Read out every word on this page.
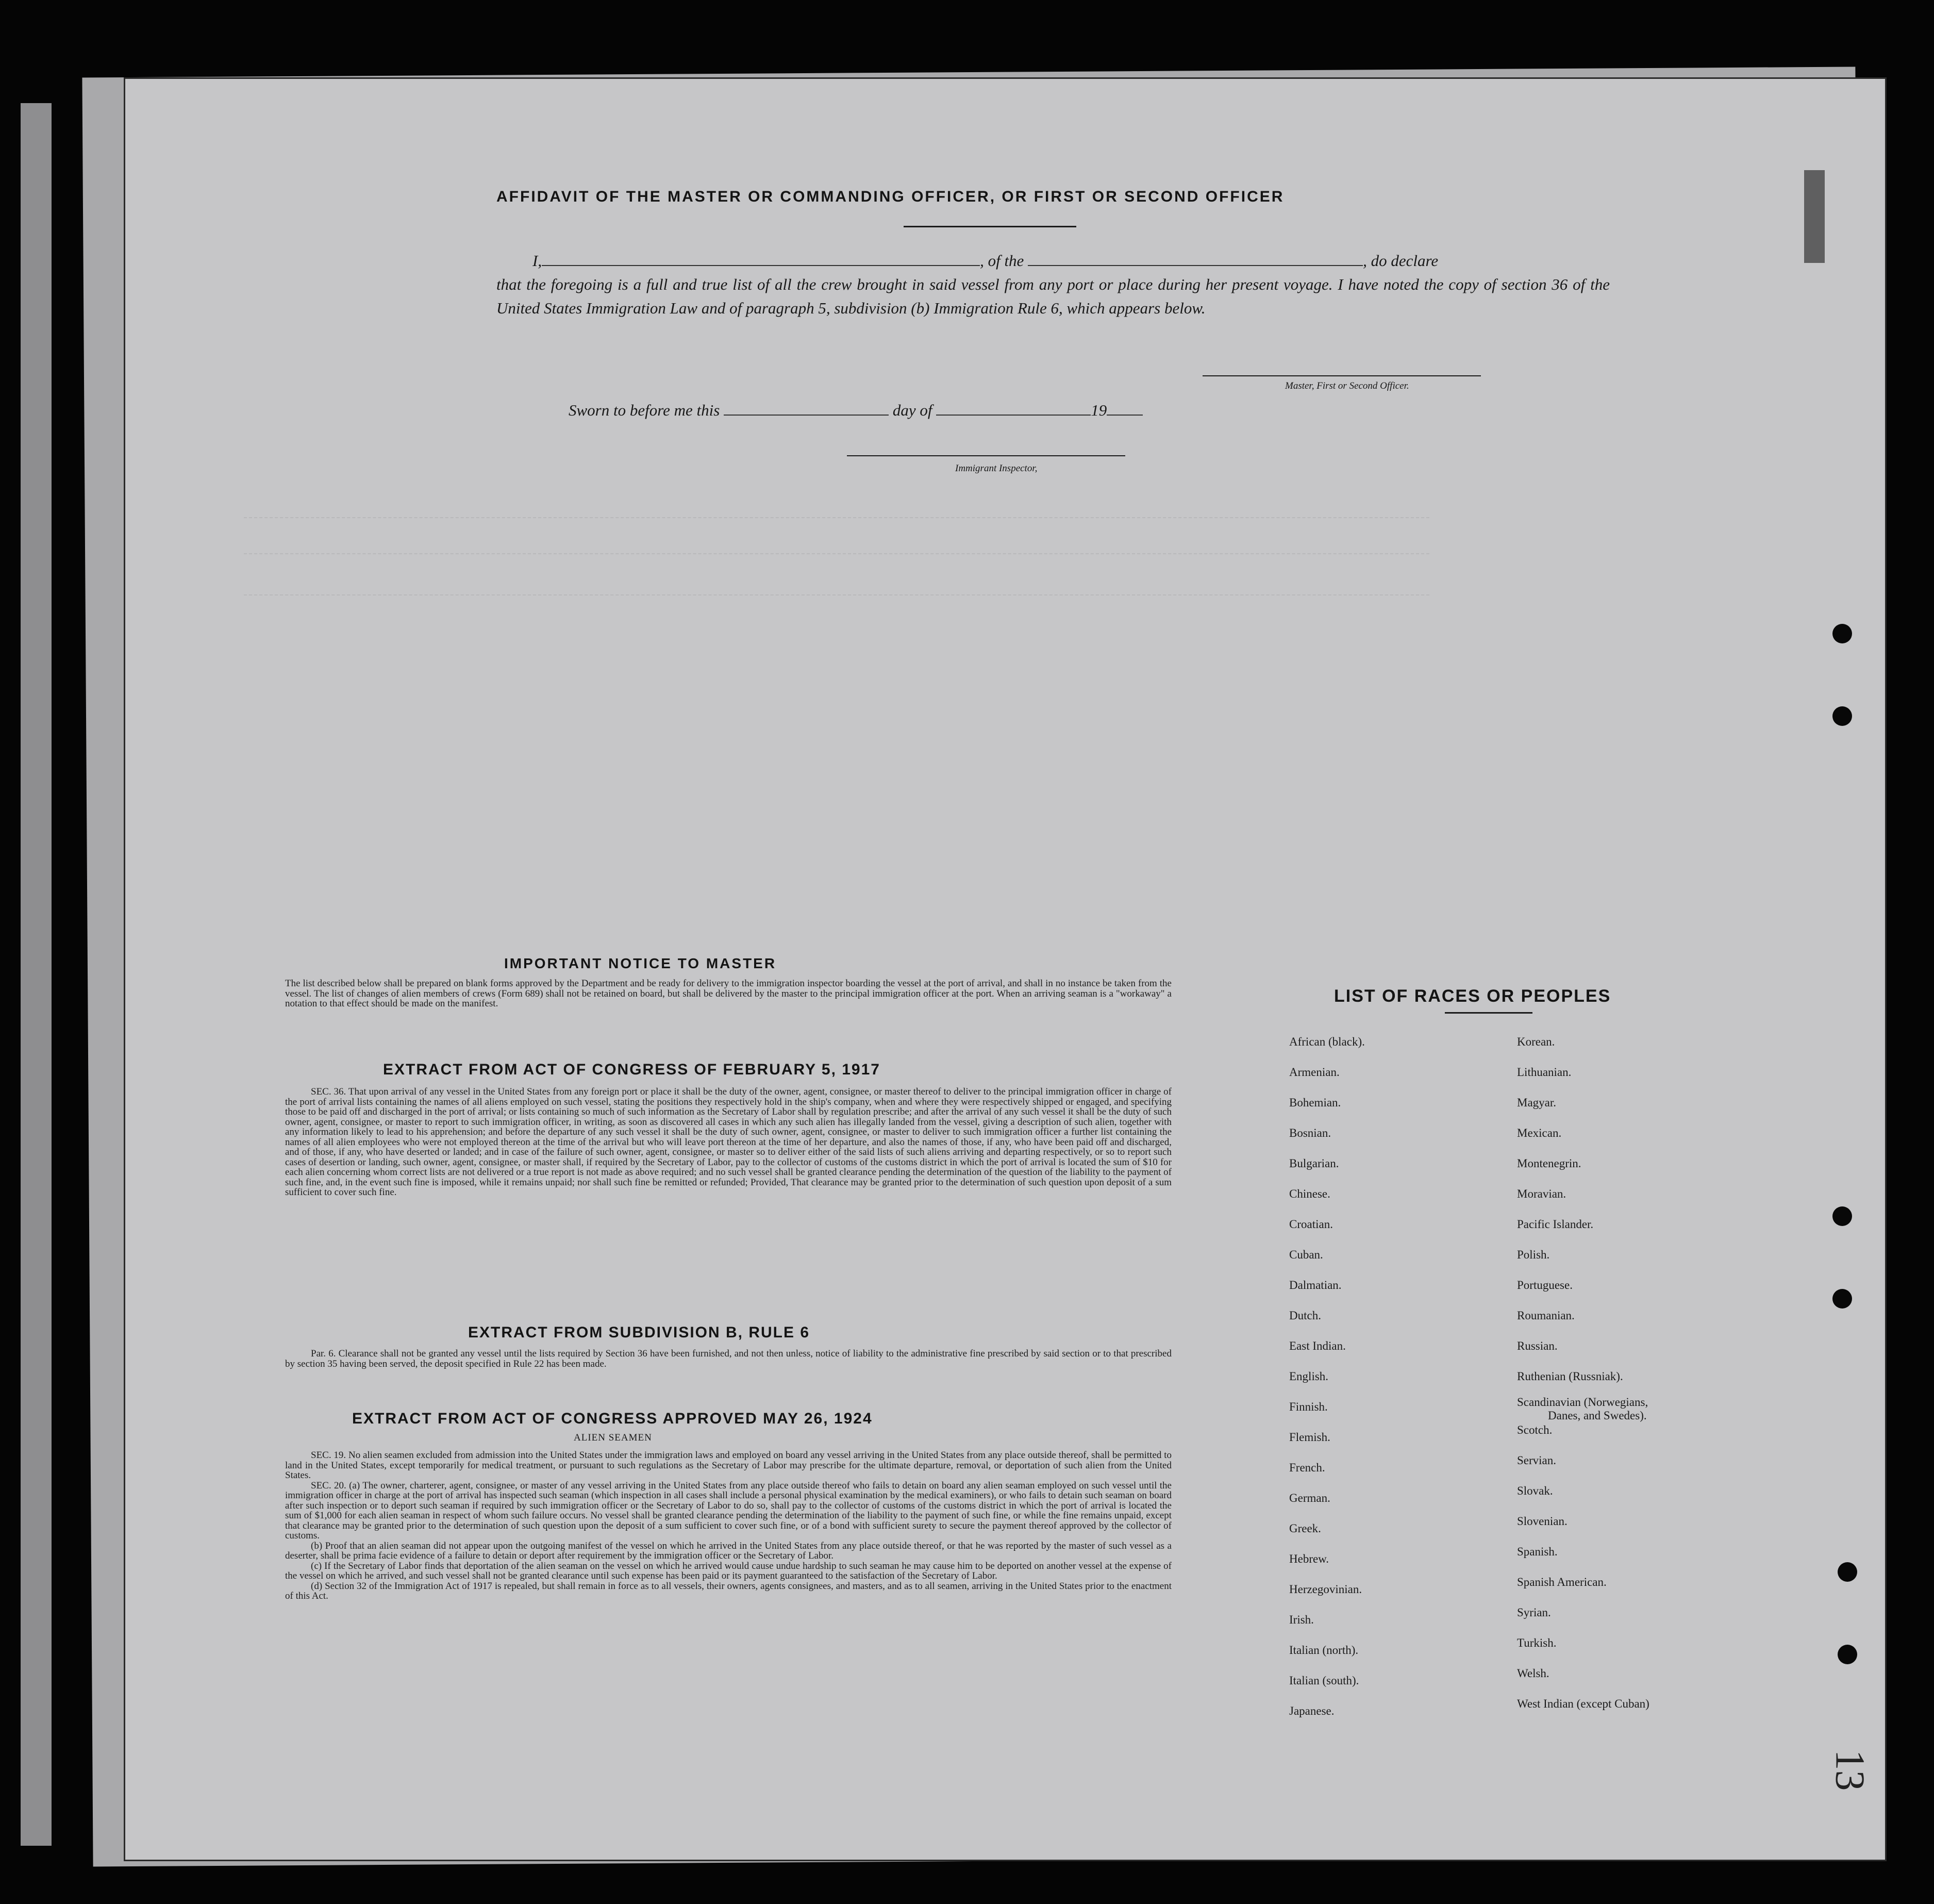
AFFIDAVIT OF THE MASTER OR COMMANDING OFFICER, OR FIRST OR SECOND OFFICER
I,	, of the	, do declare
that the foregoing is a full and true list of all the crew brought in said vessel from any port or place during her present voyage. I have noted the copy of section 36 of the United States Immigration Law and of paragraph 5, subdivision (b) Immigration Rule 6, which appears below.
Master, First or Second Officer.
Sworn to before me this	day of	19
Immigrant Inspector,
IMPORTANT NOTICE TO MASTER
The list described below shall be prepared on blank forms approved by the Department and be ready for delivery to the immigration inspector boarding the vessel at the port of arrival, and shall in no instance be taken from the vessel. The list of changes of alien members of crews (Form 689) shall not be retained on board, but shall be delivered by the master to the principal immigration officer at the port. When an arriving seaman is a "workaway" a notation to that effect should be made on the manifest.
EXTRACT FROM ACT OF CONGRESS OF FEBRUARY 5, 1917
SEC. 36. That upon arrival of any vessel in the United States from any foreign port or place it shall be the duty of the owner, agent, consignee, or master thereof to deliver to the principal immigration officer in charge of the port of arrival lists containing the names of all aliens employed on such vessel, stating the positions they respectively hold in the ship's company, when and where they were respectively shipped or engaged, and specifying those to be paid off and discharged in the port of arrival; or lists containing so much of such information as the Secretary of Labor shall by regulation prescribe; and after the arrival of any such vessel it shall be the duty of such owner, agent, consignee, or master to report to such immigration officer, in writing, as soon as discovered all cases in which any such alien has illegally landed from the vessel, giving a description of such alien, together with any information likely to lead to his apprehension; and before the departure of any such vessel it shall be the duty of such owner, agent, consignee, or master to deliver to such immigration officer a further list containing the names of all alien employees who were not employed thereon at the time of the arrival but who will leave port thereon at the time of her departure, and also the names of those, if any, who have been paid off and discharged, and of those, if any, who have deserted or landed; and in case of the failure of such owner, agent, consignee, or master so to deliver either of the said lists of such aliens arriving and departing respectively, or so to report such cases of desertion or landing, such owner, agent, consignee, or master shall, if required by the Secretary of Labor, pay to the collector of customs of the customs district in which the port of arrival is located the sum of $10 for each alien concerning whom correct lists are not delivered or a true report is not made as above required; and no such vessel shall be granted clearance pending the determination of the question of the liability to the payment of such fine, and, in the event such fine is imposed, while it remains unpaid; nor shall such fine be remitted or refunded; Provided, That clearance may be granted prior to the determination of such question upon deposit of a sum sufficient to cover such fine.
EXTRACT FROM SUBDIVISION B, RULE 6
Par. 6. Clearance shall not be granted any vessel until the lists required by Section 36 have been furnished, and not then unless, notice of liability to the administrative fine prescribed by said section or to that prescribed by section 35 having been served, the deposit specified in Rule 22 has been made.
EXTRACT FROM ACT OF CONGRESS APPROVED MAY 26, 1924
ALIEN SEAMEN
SEC. 19. No alien seamen excluded from admission into the United States under the immigration laws and employed on board any vessel arriving in the United States from any place outside thereof, shall be permitted to land in the United States, except temporarily for medical treatment, or pursuant to such regulations as the Secretary of Labor may prescribe for the ultimate departure, removal, or deportation of such alien from the United States.
SEC. 20. (a) The owner, charterer, agent, consignee, or master of any vessel arriving in the United States from any place outside thereof who fails to detain on board any alien seaman employed on such vessel until the immigration officer in charge at the port of arrival has inspected such seaman (which inspection in all cases shall include a personal physical examination by the medical examiners), or who fails to detain such seaman on board after such inspection or to deport such seaman if required by such immigration officer or the Secretary of Labor to do so, shall pay to the collector of customs of the customs district in which the port of arrival is located the sum of $1,000 for each alien seaman in respect of whom such failure occurs. No vessel shall be granted clearance pending the determination of the liability to the payment of such fine, or while the fine remains unpaid, except that clearance may be granted prior to the determination of such question upon the deposit of a sum sufficient to cover such fine, or of a bond with sufficient surety to secure the payment thereof approved by the collector of customs.
(b) Proof that an alien seaman did not appear upon the outgoing manifest of the vessel on which he arrived in the United States from any place outside thereof, or that he was reported by the master of such vessel as a deserter, shall be prima facie evidence of a failure to detain or deport after requirement by the immigration officer or the Secretary of Labor.
(c) If the Secretary of Labor finds that deportation of the alien seaman on the vessel on which he arrived would cause undue hardship to such seaman he may cause him to be deported on another vessel at the expense of the vessel on which he arrived, and such vessel shall not be granted clearance until such expense has been paid or its payment guaranteed to the satisfaction of the Secretary of Labor.
(d) Section 32 of the Immigration Act of 1917 is repealed, but shall remain in force as to all vessels, their owners, agents consignees, and masters, and as to all seamen, arriving in the United States prior to the enactment of this Act.
LIST OF RACES OR PEOPLES
African (black).
Armenian.
Bohemian.
Bosnian.
Bulgarian.
Chinese.
Croatian.
Cuban.
Dalmatian.
Dutch.
East Indian.
English.
Finnish.
Flemish.
French.
German.
Greek.
Hebrew.
Herzegovinian.
Irish.
Italian (north).
Italian (south).
Japanese.
Korean.
Lithuanian.
Magyar.
Mexican.
Montenegrin.
Moravian.
Pacific Islander.
Polish.
Portuguese.
Roumanian.
Russian.
Ruthenian (Russniak).
Scandinavian (Norwegians,
Danes, and Swedes).
Scotch.
Servian.
Slovak.
Slovenian.
Spanish.
Spanish American.
Syrian.
Turkish.
Welsh.
West Indian (except Cuban)
13
